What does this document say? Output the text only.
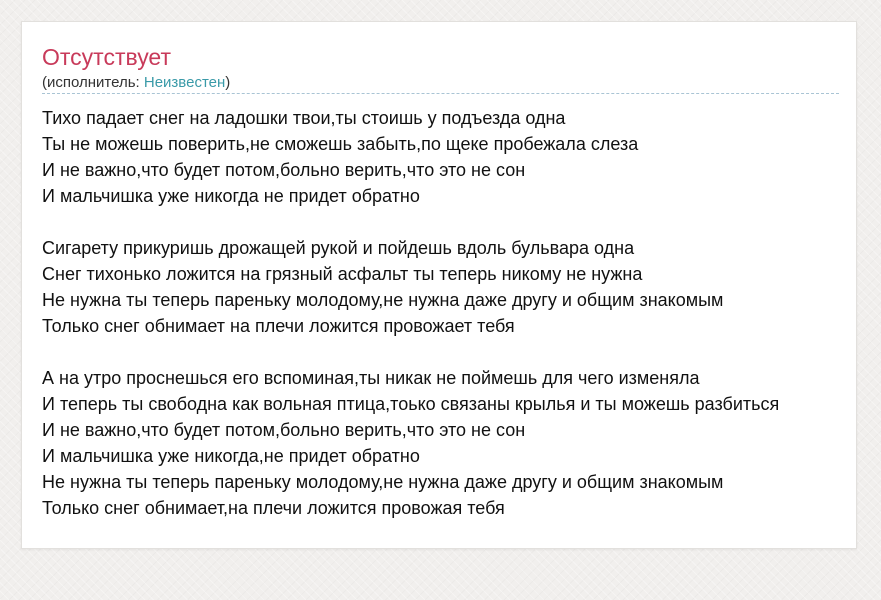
Отсутствует
(исполнитель: Неизвестен)
Тихо падает снег на ладошки твои,ты стоишь у подъезда одна
Ты не можешь поверить,не сможешь забыть,по щеке пробежала слеза
И не важно,что будет потом,больно верить,что это не сон
И мальчишка уже никогда не придет обратно
Сигарету прикуришь дрожащей рукой и пойдешь вдоль бульвара одна
Снег тихонько ложится на грязный асфальт ты теперь никому не нужна
Не нужна ты теперь пареньку молодому,не нужна даже другу и общим знакомым
Только снег обнимает на плечи ложится провожает тебя
А на утро проснешься его вспоминая,ты никак не поймешь для чего изменяла
И теперь ты свободна как вольная птица,тоько связаны крылья и ты можешь разбиться
И не важно,что будет потом,больно верить,что это не сон
И мальчишка уже никогда,не придет обратно
Не нужна ты теперь пареньку молодому,не нужна даже другу и общим знакомым
Только снег обнимает,на плечи ложится провожая тебя
